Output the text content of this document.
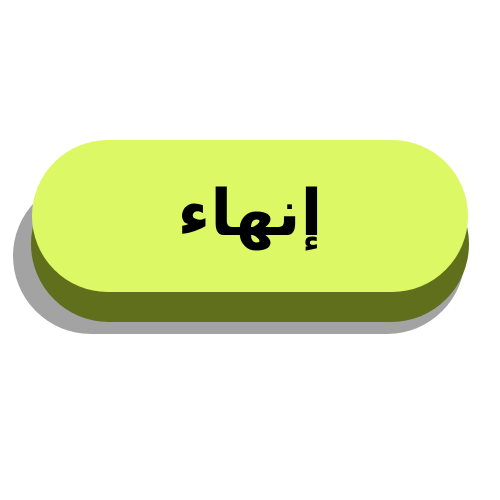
إنهاء
